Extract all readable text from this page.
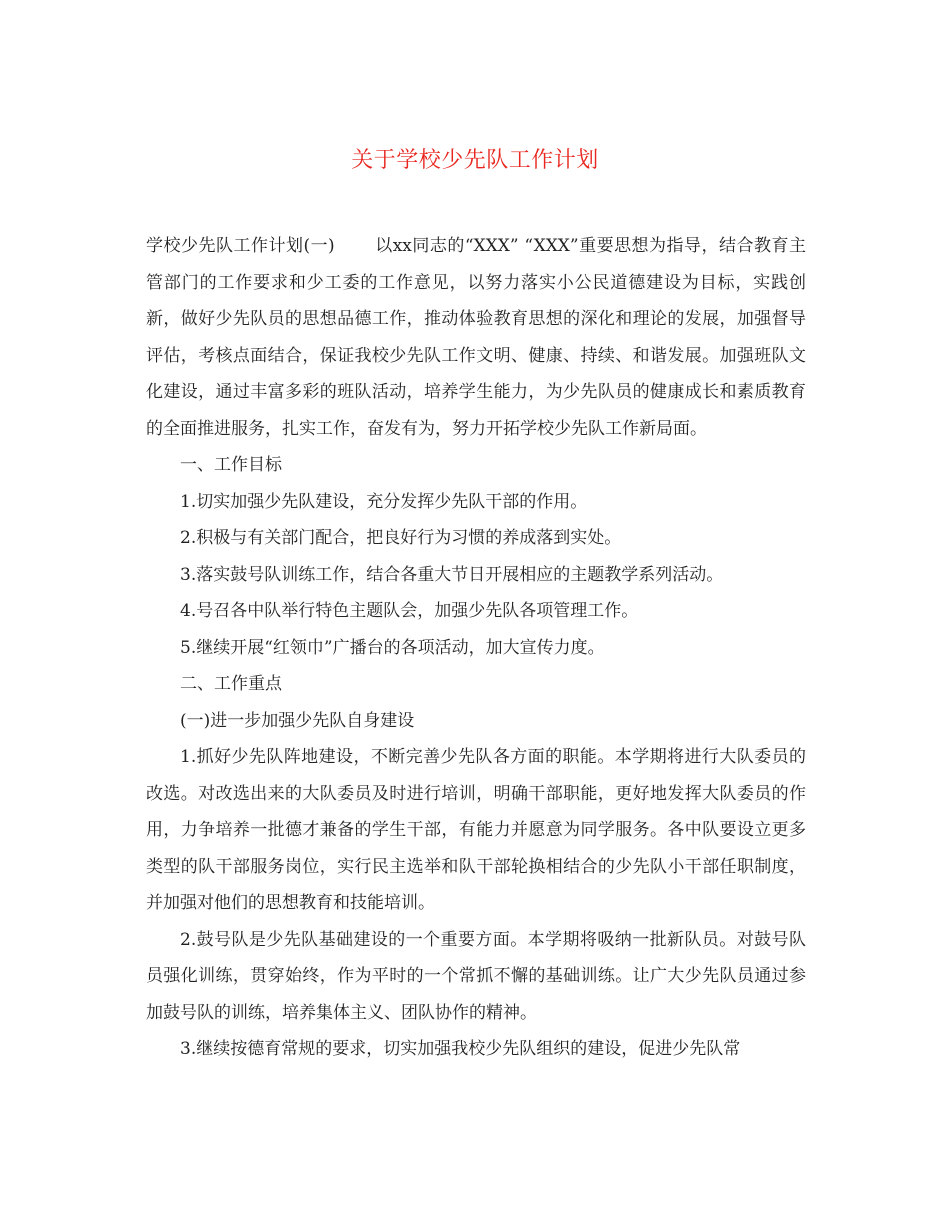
关于学校少先队工作计划

学校少先队工作计划(一) 以xx同志的“XXX” “XXX”重要思想为指导，结合教育主管部门的工作要求和少工委的工作意见，以努力落实小公民道德建设为目标，实践创新，做好少先队员的思想品德工作，推动体验教育思想的深化和理论的发展，加强督导评估，考核点面结合，保证我校少先队工作文明、健康、持续、和谐发展。加强班队文化建设，通过丰富多彩的班队活动，培养学生能力，为少先队员的健康成长和素质教育的全面推进服务，扎实工作，奋发有为，努力开拓学校少先队工作新局面。

一、工作目标

1.切实加强少先队建设，充分发挥少先队干部的作用。

2.积极与有关部门配合，把良好行为习惯的养成落到实处。

3.落实鼓号队训练工作，结合各重大节日开展相应的主题教学系列活动。

4.号召各中队举行特色主题队会，加强少先队各项管理工作。

5.继续开展“红领巾”广播台的各项活动，加大宣传力度。

二、工作重点

(一)进一步加强少先队自身建设

1.抓好少先队阵地建设，不断完善少先队各方面的职能。本学期将进行大队委员的改选。对改选出来的大队委员及时进行培训，明确干部职能，更好地发挥大队委员的作用，力争培养一批德才兼备的学生干部，有能力并愿意为同学服务。各中队要设立更多类型的队干部服务岗位，实行民主选举和队干部轮换相结合的少先队小干部任职制度，并加强对他们的思想教育和技能培训。

2.鼓号队是少先队基础建设的一个重要方面。本学期将吸纳一批新队员。对鼓号队员强化训练，贯穿始终，作为平时的一个常抓不懈的基础训练。让广大少先队员通过参加鼓号队的训练，培养集体主义、团队协作的精神。

3.继续按德育常规的要求，切实加强我校少先队组织的建设，促进少先队常
